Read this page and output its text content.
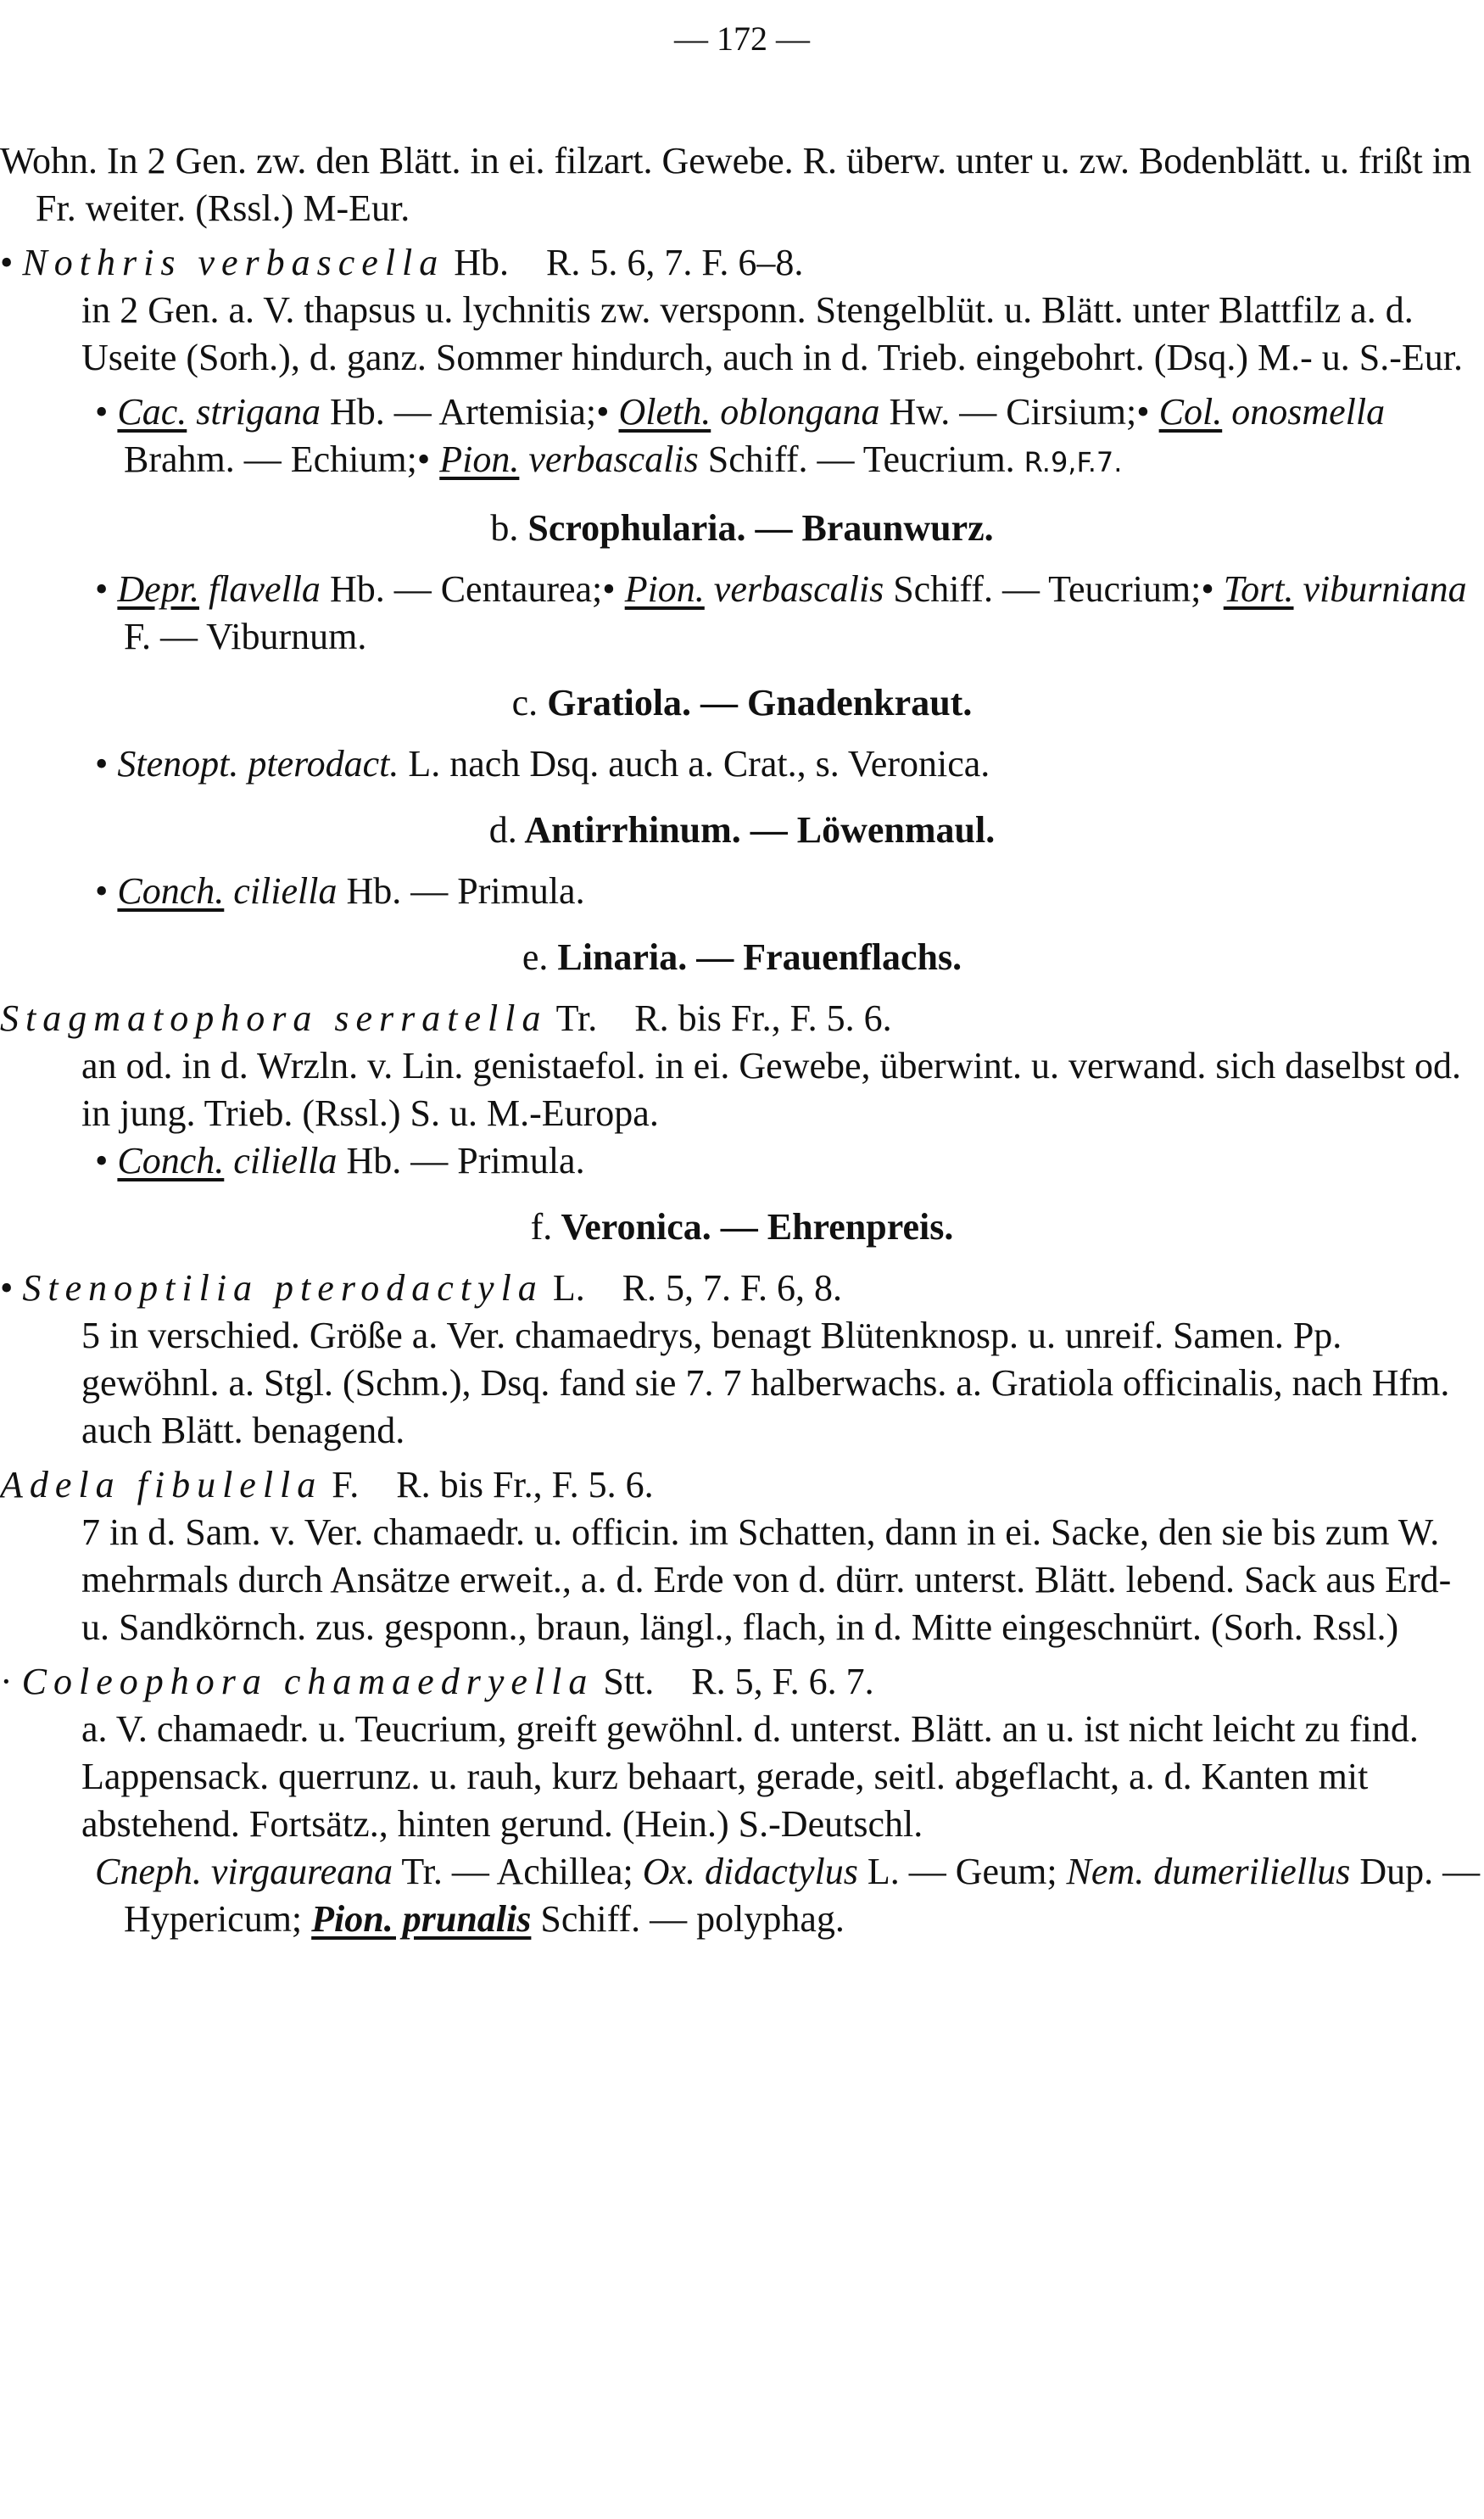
— 172 —

Wohn. In 2 Gen. zw. den Blätt. in ei. filzart. Gewebe. R. überw. unter u. zw. Bodenblätt. u. frißt im Fr. weiter. (Rssl.) M-Eur.

• Nothris verbascella Hb. R. 5. 6, 7. F. 6–8.

in 2 Gen. a. V. thapsus u. lychnitis zw. versponn. Stengelblüt. u. Blätt. unter Blattfilz a. d. Useite (Sorh.), d. ganz. Sommer hindurch, auch in d. Trieb. eingebohrt. (Dsq.) M.- u. S.-Eur.

• Cac. strigana Hb. — Artemisia;• Oleth. oblongana Hw. — Cirsium;• Col. onosmella Brahm. — Echium;• Pion. verbascalis Schiff. — Teucrium. R.9,F.7.

b. Scrophularia. — Braunwurz.

• Depr. flavella Hb. — Centaurea;• Pion. verbascalis Schiff. — Teucrium;• Tort. viburniana F. — Viburnum.

c. Gratiola. — Gnadenkraut.

• Stenopt. pterodact. L. nach Dsq. auch a. Crat., s. Veronica.

d. Antirrhinum. — Löwenmaul.

• Conch. ciliella Hb. — Primula.

e. Linaria. — Frauenflachs.

Stagmatophora serratella Tr. R. bis Fr., F. 5. 6.

an od. in d. Wrzln. v. Lin. genistaefol. in ei. Gewebe, überwint. u. verwand. sich daselbst od. in jung. Trieb. (Rssl.) S. u. M.-Europa.

• Conch. ciliella Hb. — Primula.

f. Veronica. — Ehrenpreis.

• Stenoptilia pterodactyla L. R. 5, 7. F. 6, 8.

5 in verschied. Größe a. Ver. chamaedrys, benagt Blütenknosp. u. unreif. Samen. Pp. gewöhnl. a. Stgl. (Schm.), Dsq. fand sie 7. 7 halberwachs. a. Gratiola officinalis, nach Hfm. auch Blätt. benagend.

Adela fibulella F. R. bis Fr., F. 5. 6.

7 in d. Sam. v. Ver. chamaedr. u. officin. im Schatten, dann in ei. Sacke, den sie bis zum W. mehrmals durch Ansätze erweit., a. d. Erde von d. dürr. unterst. Blätt. lebend. Sack aus Erd- u. Sandkörnch. zus. gesponn., braun, längl., flach, in d. Mitte eingeschnürt. (Sorh. Rssl.)

· Coleophora chamaedryella Stt. R. 5, F. 6. 7.

a. V. chamaedr. u. Teucrium, greift gewöhnl. d. unterst. Blätt. an u. ist nicht leicht zu find. Lappensack. querrunz. u. rauh, kurz behaart, gerade, seitl. abgeflacht, a. d. Kanten mit abstehend. Fortsätz., hinten gerund. (Hein.) S.-Deutschl.

Cneph. virgaureana Tr. — Achillea; Ox. didactylus L. — Geum; Nem. dumeriliellus Dup. — Hypericum; Pion. prunalis Schiff. — polyphag.
